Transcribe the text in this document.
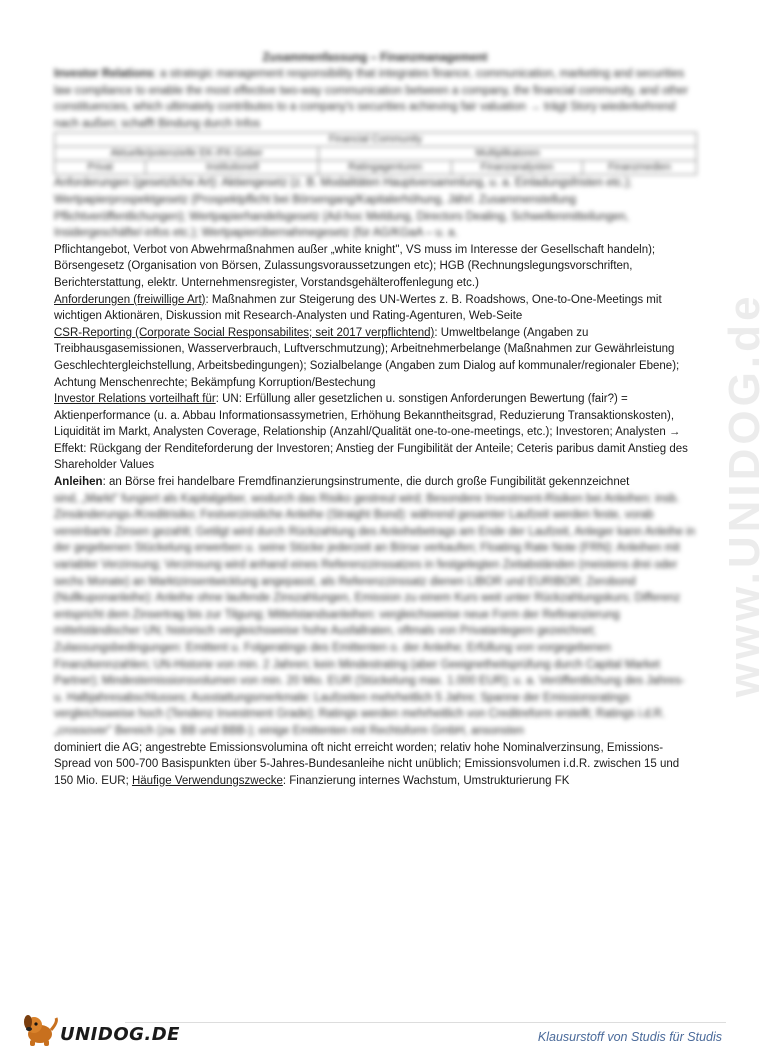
www.UNIDOG.de
Zusammenfassung – Finanzmanagement
Investor Relations: a strategic management responsibility that integrates finance, communication, marketing and securities law compliance to enable the most effective two-way communication between a company, the financial community, and other constituencies, which ultimately contributes to a company's securities achieving fair valuation → trägt Story wiederkehrend nach außen; schafft Bindung durch Infos
Financial Community				
Aktuelle/potenzielle EK-/FK-Geber		Multiplikatoren		
Privat	Institutionell	Ratingagenturen	Finanzanalysten	Finanzmedien
Anforderungen (gesetzliche Art): Aktiengesetz (z. B. Modalitäten Hauptversammlung, u. a. Einladungsfristen etc.); Wertpapierprospektgesetz (Prospektpflicht bei Börsengang/Kapitalerhöhung, Jährl. Zusammenstellung Pflichtveröffentlichungen); Wertpapierhandelsgesetz (Ad-hoc Meldung, Directors Dealing, Schwellenmitteilungen, Insidergeschäfte/-infos etc.); Wertpapierübernahmegesetz (für AG/KGaA – u. a.
Pflichtangebot, Verbot von Abwehrmaßnahmen außer „white knight", VS muss im Interesse der Gesellschaft handeln); Börsengesetz (Organisation von Börsen, Zulassungsvoraussetzungen etc); HGB (Rechnungslegungsvorschriften, Berichterstattung, elektr. Unternehmensregister, Vorstandsgehälteroffenlegung etc.)
Anforderungen (freiwillige Art): Maßnahmen zur Steigerung des UN-Wertes z. B. Roadshows, One-to-One-Meetings mit wichtigen Aktionären, Diskussion mit Research-Analysten und Rating-Agenturen, Web-Seite
CSR-Reporting (Corporate Social Responsabilites; seit 2017 verpflichtend): Umweltbelange (Angaben zu Treibhausgasemissionen, Wasserverbrauch, Luftverschmutzung); Arbeitnehmerbelange (Maßnahmen zur Gewährleistung Geschlechtergleichstellung, Arbeitsbedingungen); Sozialbelange (Angaben zum Dialog auf kommunaler/regionaler Ebene); Achtung Menschenrechte; Bekämpfung Korruption/Bestechung
Investor Relations vorteilhaft für: UN: Erfüllung aller gesetzlichen u. sonstigen Anforderungen Bewertung (fair?) = Aktienperformance (u. a. Abbau Informationsassymetrien, Erhöhung Bekanntheitsgrad, Reduzierung Transaktionskosten), Liquidität im Markt, Analysten Coverage, Relationship (Anzahl/Qualität one-to-one-meetings, etc.); Investoren; Analysten → Effekt: Rückgang der Renditeforderung der Investoren; Anstieg der Fungibilität der Anteile; Ceteris paribus damit Anstieg des Shareholder Values
Anleihen: an Börse frei handelbare Fremdfinanzierungsinstrumente, die durch große Fungibilität gekennzeichnet
sind, „Markt" fungiert als Kapitalgeber, wodurch das Risiko gestreut wird; Besondere Investment-Risiken bei Anleihen: insb. Zinsänderungs-/Kreditrisiko; Festverzinsliche Anleihe (Straight Bond): während gesamter Laufzeit werden feste, vorab vereinbarte Zinsen gezahlt; Getilgt wird durch Rückzahlung des Anleihebetrags am Ende der Laufzeit, Anleger kann Anleihe in der gegebenen Stückelung erwerben u. seine Stücke jederzeit an Börse verkaufen; Floating Rate Note (FRN): Anleihen mit variabler Verzinsung; Verzinsung wird anhand eines Referenzzinssatzes in festgelegten Zeitabständen (meistens drei oder sechs Monate) an Marktzinsentwicklung angepasst, als Referenzzinssatz dienen LIBOR und EURIBOR; Zerobond (Nullkuponanleihe): Anleihe ohne laufende Zinszahlungen, Emission zu einem Kurs weit unter Rückzahlungskurs; Differenz entspricht dem Zinsertrag bis zur Tilgung; Mittelstandsanleihen: vergleichsweise neue Form der Refinanzierung mittelständischer UN; historisch vergleichsweise hohe Ausfallraten, oftmals von Privatanlegern gezeichnet; Zulassungsbedingungen: Emittent u. Folgeratings des Emittenten o. der Anleihe; Erfüllung von vorgegebenen Finanzkennzahlen; UN-Historie von min. 2 Jahren; kein Mindestrating (aber Geeignetheitsprüfung durch Capital Market Partner); Mindestemissionsvolumen von min. 20 Mio. EUR (Stückelung max. 1.000 EUR); u. a. Veröffentlichung des Jahres- u. Halbjahresabschlusses; Ausstattungsmerkmale: Laufzeiten mehrheitlich 5 Jahre; Spanne der Emissionsratings vergleichsweise hoch (Tendenz Investment Grade); Ratings werden mehrheitlich von Creditreform erstellt; Ratings i.d.R. „crossover" Bereich (zw. BB und BBB-); einige Emittenten mit Rechtsform GmbH, ansonsten
dominiert die AG; angestrebte Emissionsvolumina oft nicht erreicht worden; relativ hohe Nominalverzinsung, Emissions-Spread von 500-700 Basispunkten über 5-Jahres-Bundesanleihe nicht unüblich; Emissionsvolumen i.d.R. zwischen 15 und 150 Mio. EUR; Häufige Verwendungszwecke: Finanzierung internes Wachstum, Umstrukturierung FK
UNIDOG.DE	Klausurstoff von Studis für Studis
